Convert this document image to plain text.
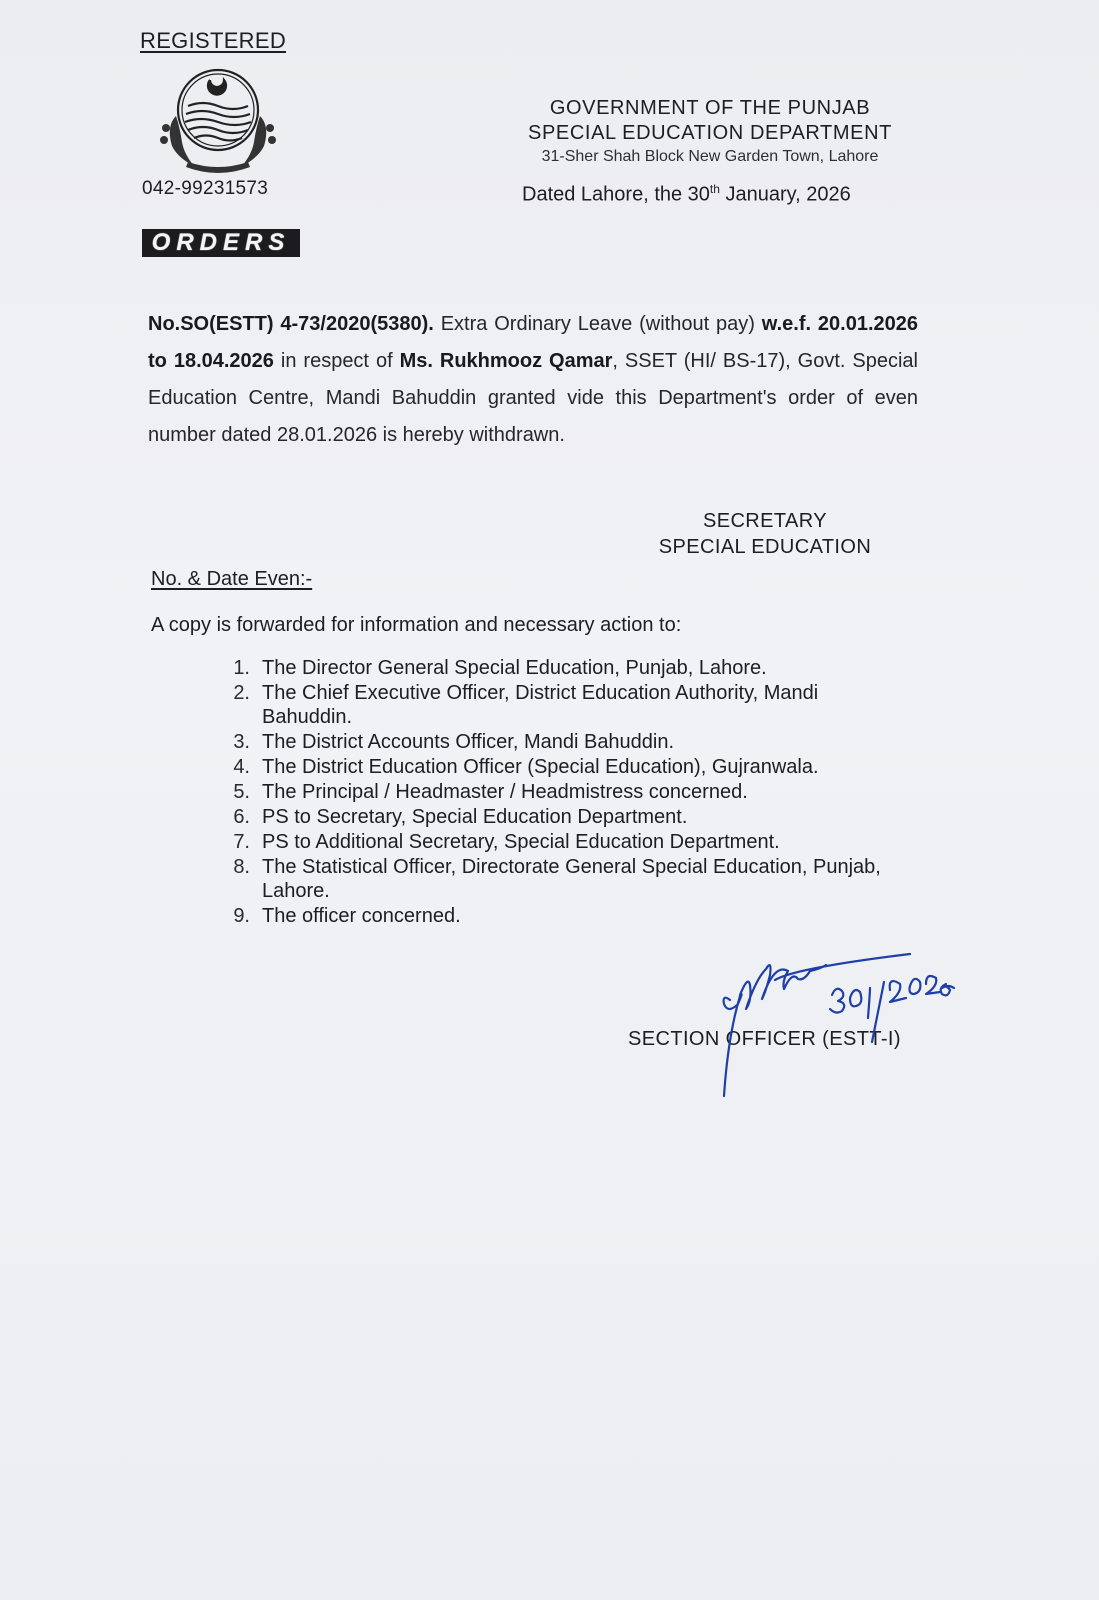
REGISTERED
042-99231573
ORDERS
GOVERNMENT OF THE PUNJAB
SPECIAL EDUCATION DEPARTMENT
31-Sher Shah Block New Garden Town, Lahore
Dated Lahore, the 30th January, 2026
No.SO(ESTT) 4-73/2020(5380). Extra Ordinary Leave (without pay) w.e.f. 20.01.2026 to 18.04.2026 in respect of Ms. Rukhmooz Qamar, SSET (HI/ BS-17), Govt. Special Education Centre, Mandi Bahuddin granted vide this Department's order of even number dated 28.01.2026 is hereby withdrawn.
SECRETARY
SPECIAL EDUCATION
No. & Date Even:-
A copy is forwarded for information and necessary action to:
1. The Director General Special Education, Punjab, Lahore.
2. The Chief Executive Officer, District Education Authority, Mandi Bahuddin.
3. The District Accounts Officer, Mandi Bahuddin.
4. The District Education Officer (Special Education), Gujranwala.
5. The Principal / Headmaster / Headmistress concerned.
6. PS to Secretary, Special Education Department.
7. PS to Additional Secretary, Special Education Department.
8. The Statistical Officer, Directorate General Special Education, Punjab, Lahore.
9. The officer concerned.
SECTION OFFICER (ESTT-I)
